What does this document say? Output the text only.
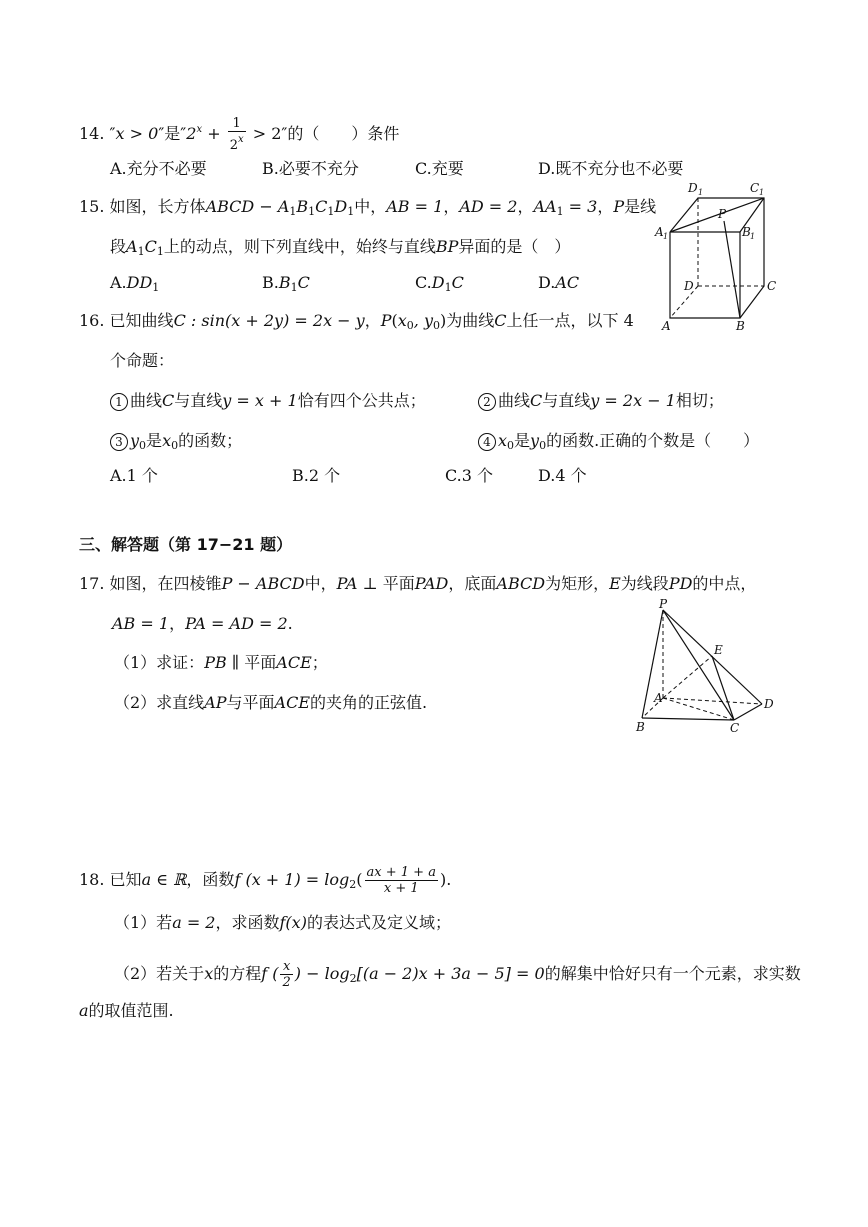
14. ″x > 0″是$''2^x + \frac{1}{2^x} > 2''$的（　　）条件
A.充分不必要	B.必要不充分	C.充要	D.既不充分也不必要
15. 如图，长方体ABCD − $A_1B_1C_1D_1$中，AB = 1，AD = 2，$AA_1 = 3$，P是线
段$A_1C_1$上的动点，则下列直线中，始终与直线BP异面的是（　）
$A.DD_1$	$B.B_1C$	$C.D_1C$	D.AC
D 1	C 1
A 1	B 1
P
D	C
A	B
16. 已知曲线C : sin(x + 2y) = 2x − y，$P(x_0$, $y_0$)为曲线C上任一点，以下 4
个命题：
1 曲线C与直线y = x + 1恰有四个公共点；	2 曲线C与直线y = 2x − 1相切；
3 $y_0$是$x_0$的函数；	4 $x_0$是$y_0$的函数.正确的个数是（　　）
A.1 个	B.2 个	C.3 个	D.4 个
三、解答题（第 17−21 题）
17. 如图，在四棱锥P − ABCD中，PA ⊥ 平面PAD，底面ABCD为矩形，E为线段PD的中点，
AB = 1，PA = AD = 2.
（1）求证：PB ∥ 平面ACE；
（2）求直线AP与平面ACE的夹角的正弦值.
P
E
A	D
B	C
18. 已知a ∈ ℝ，函数f $(x + 1) = \log_2( \frac{ax + 1 + a}{x + 1}$ ).
（1）若a = 2，求函数f(x)的表达式及定义域；
（2）若关于x的方程f ( $\frac{x}{2}$ ) − $\log_2[(a - 2)x + 3a - 5] = 0$的解集中恰好只有一个元素，求实数
a的取值范围.
